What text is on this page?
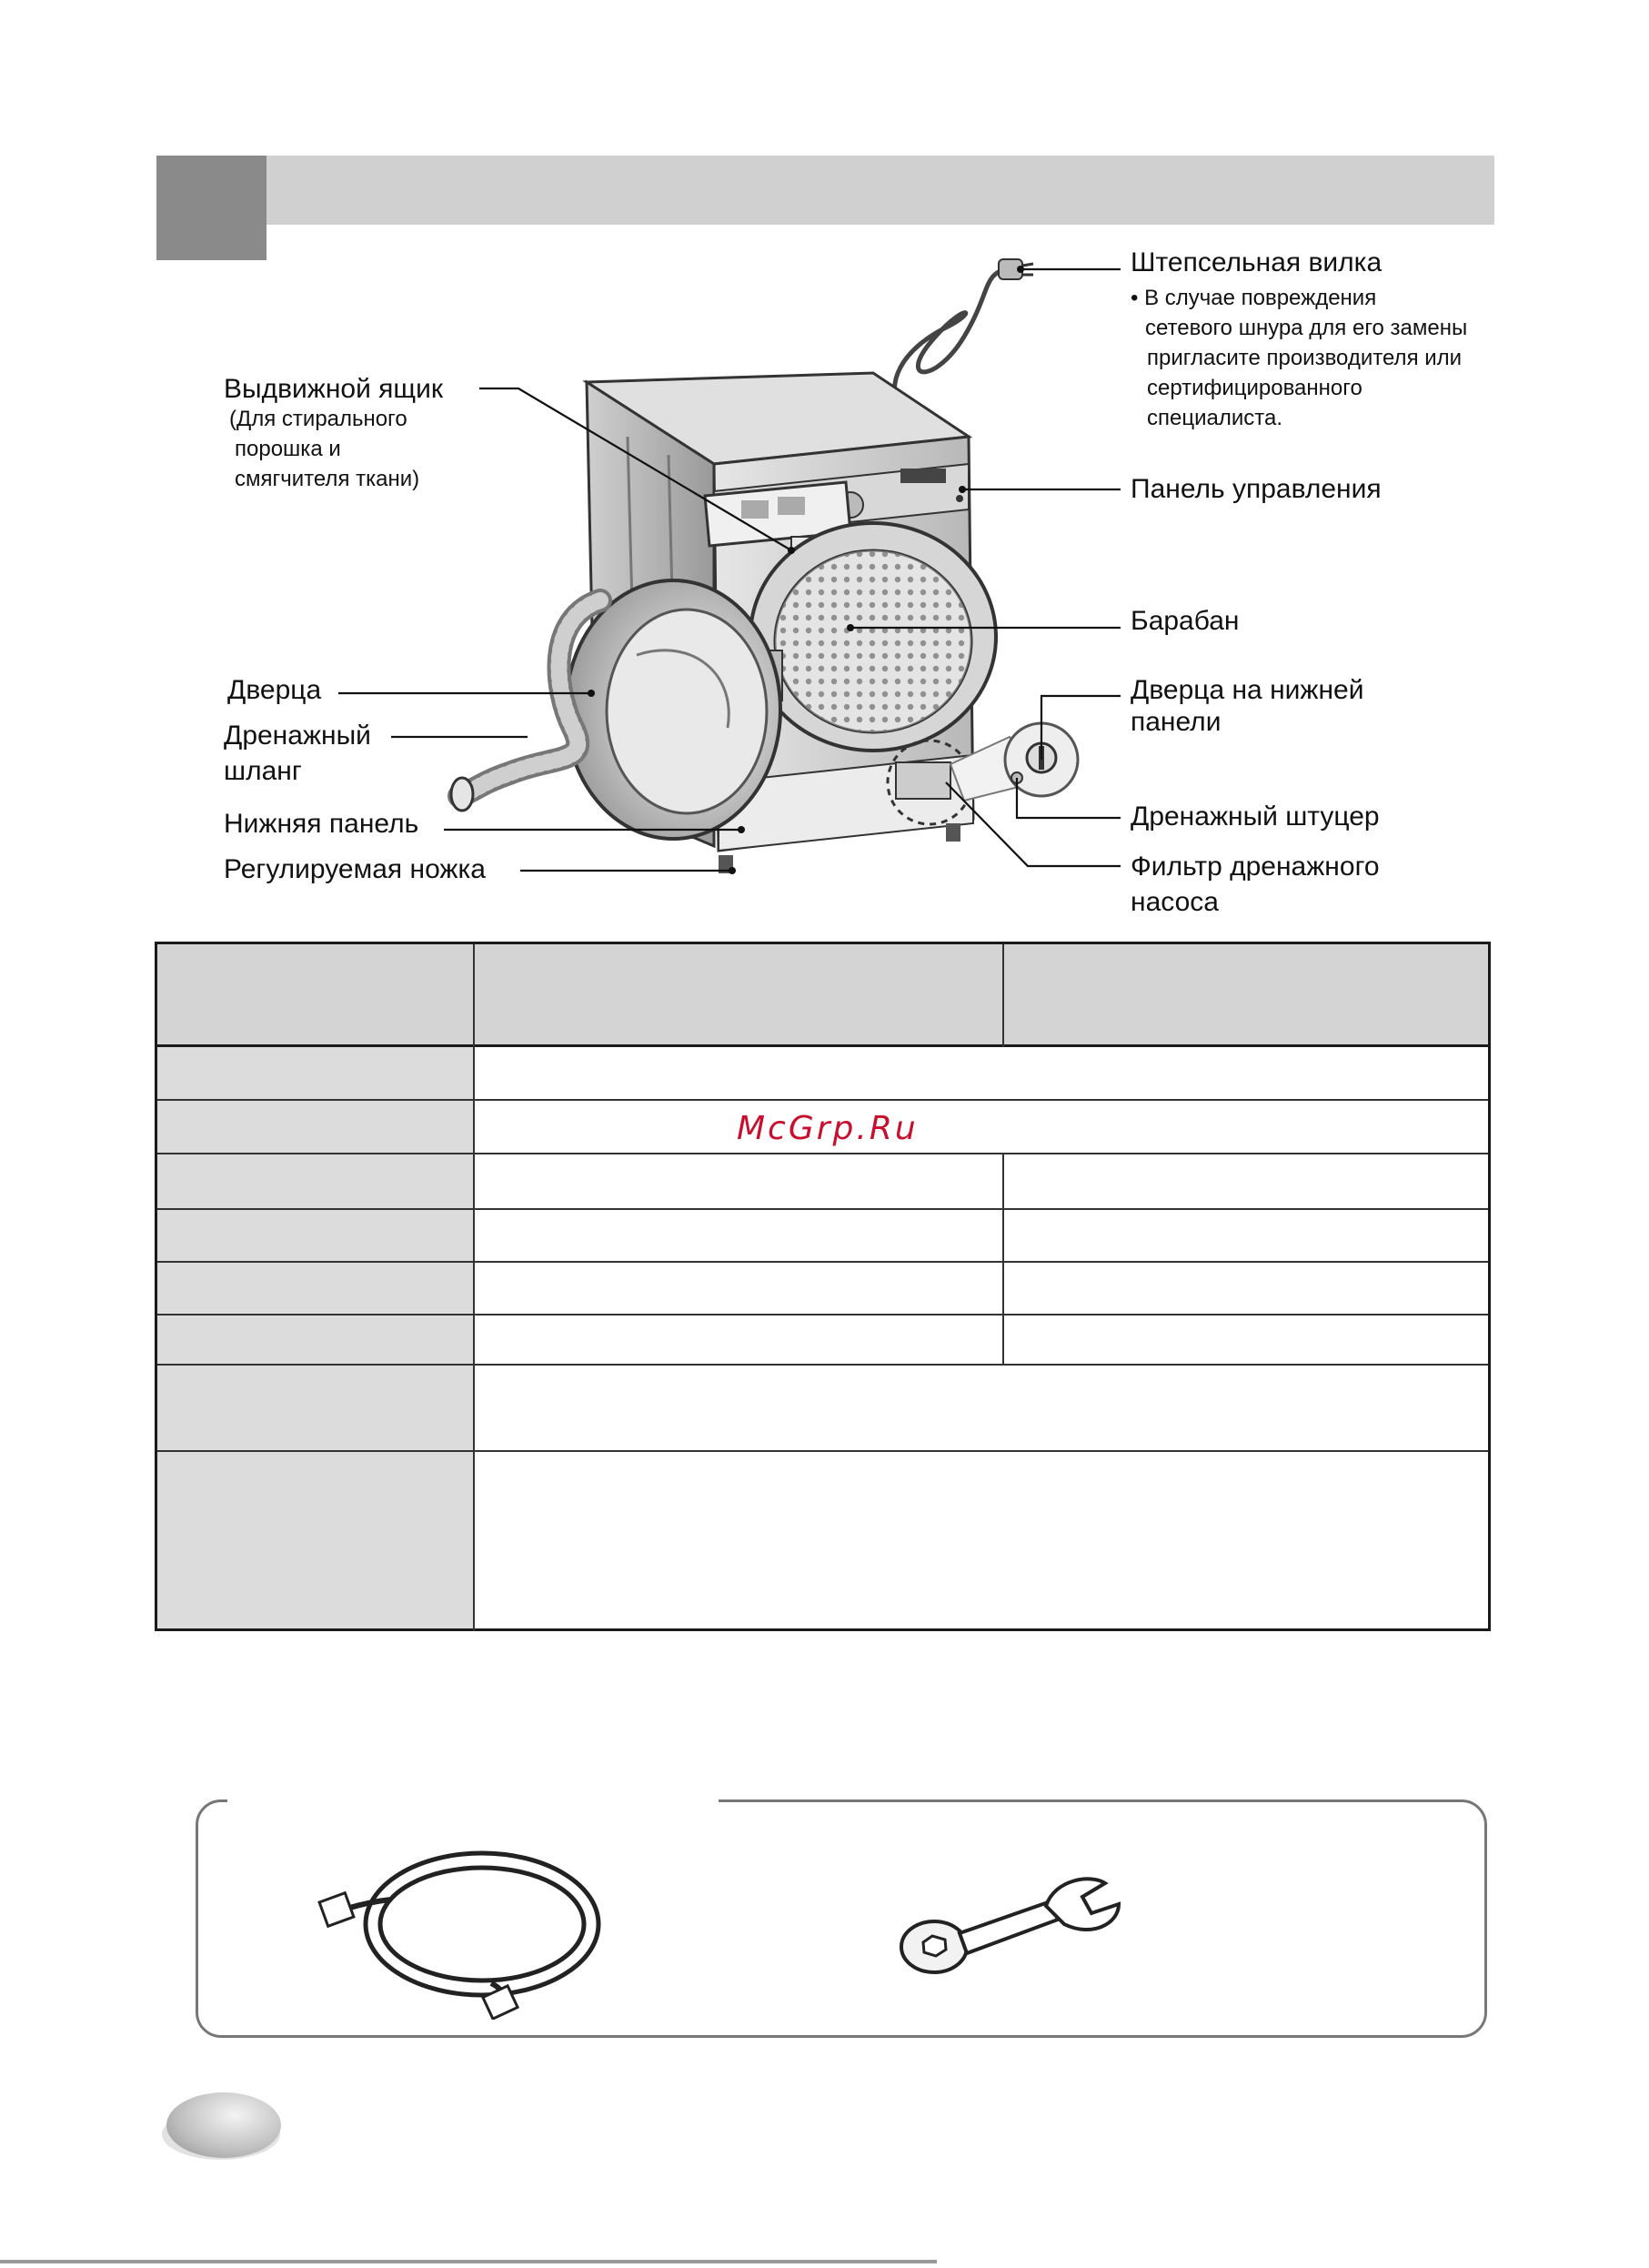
Штепсельная вилка
• В случае повреждения
сетевого шнура для его замены
пригласите производителя или
сертифицированного
специалиста.
Выдвижной ящик
(Для стирального
порошка и
смягчителя ткани)	Панель управления
Барабан
Дверца на нижней
панели
Дверца
Дренажный
шланг
Дренажный штуцер
Нижняя панель
Фильтр дренажного
насоса
Регулируемая ножка
McGrp.Ru
